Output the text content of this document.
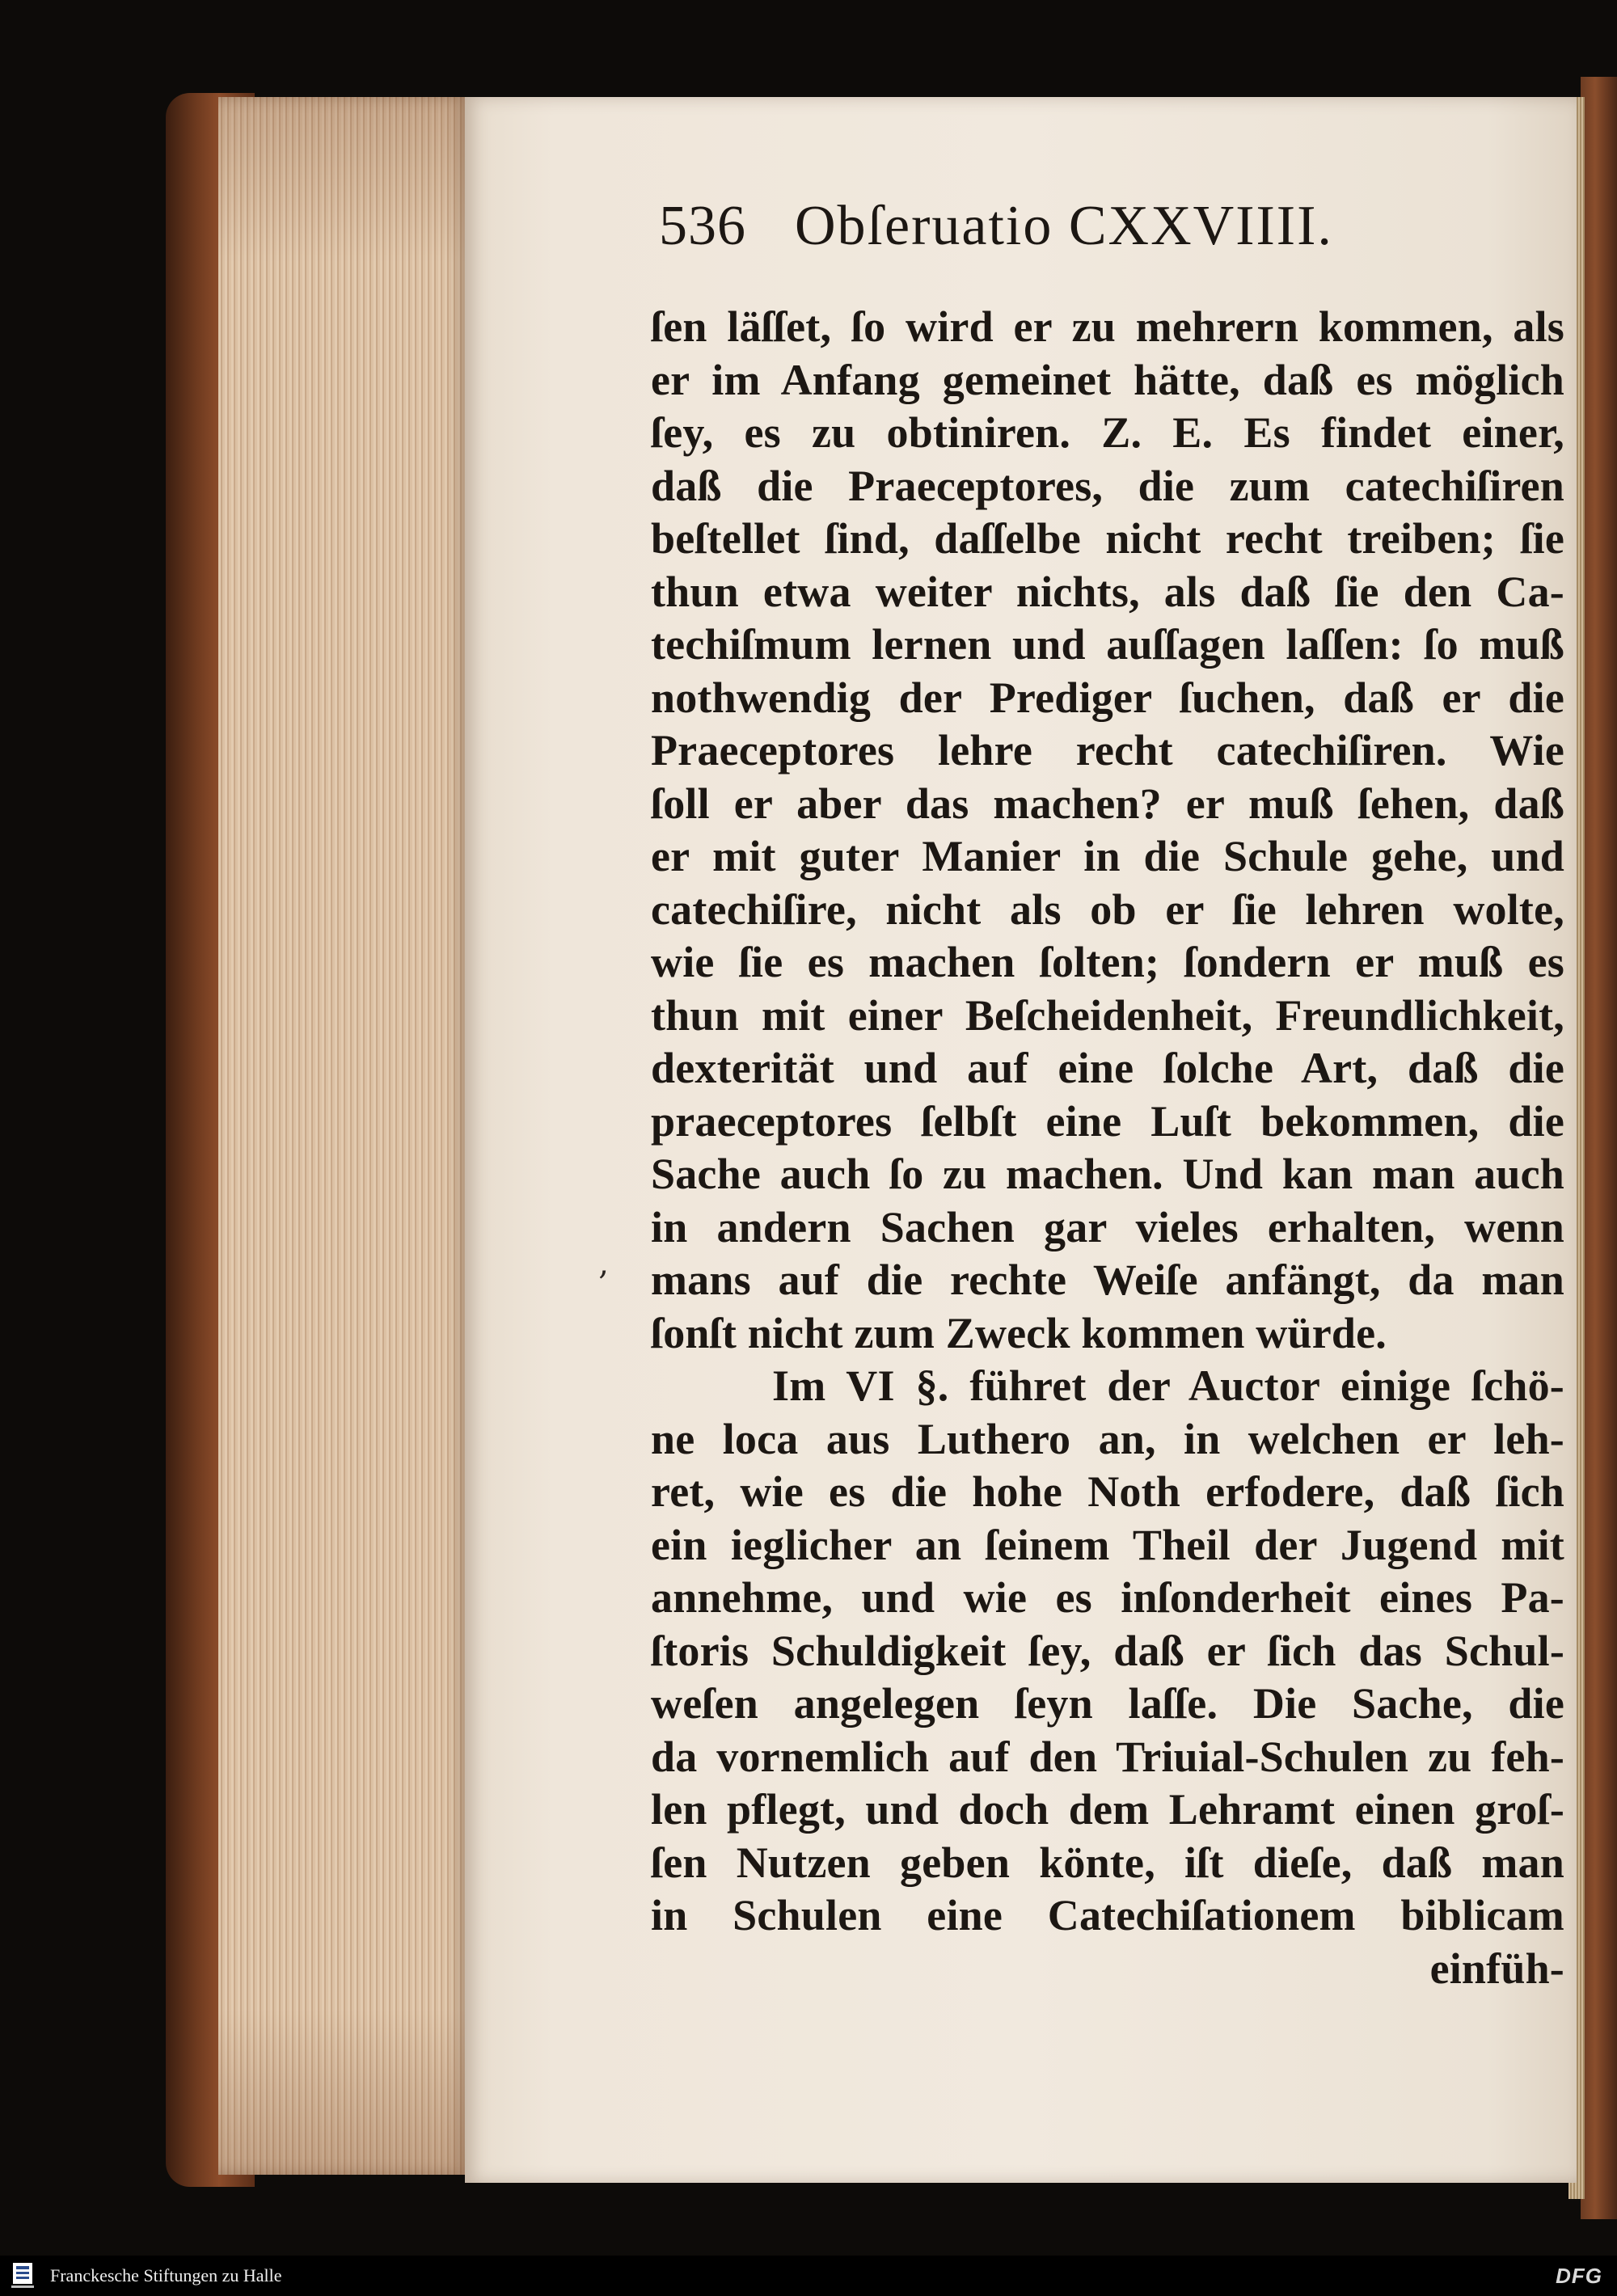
536 Obſeruatio CXXVIIII.
ſen läſſet, ſo wird er zu mehrern kommen, als
er im Anfang gemeinet hätte, daß es möglich
ſey, es zu obtiniren. Z. E. Es findet einer,
daß die Praeceptores, die zum catechiſiren
beſtellet ſind, daſſelbe nicht recht treiben; ſie
thun etwa weiter nichts, als daß ſie den Ca-
techiſmum lernen und auſſagen laſſen: ſo muß
nothwendig der Prediger ſuchen, daß er die
Praeceptores lehre recht catechiſiren. Wie
ſoll er aber das machen? er muß ſehen, daß
er mit guter Manier in die Schule gehe, und
catechiſire, nicht als ob er ſie lehren wolte,
wie ſie es machen ſolten; ſondern er muß es
thun mit einer Beſcheidenheit, Freundlichkeit,
dexterität und auf eine ſolche Art, daß die
praeceptores ſelbſt eine Luſt bekommen, die
Sache auch ſo zu machen. Und kan man auch
in andern Sachen gar vieles erhalten, wenn
mans auf die rechte Weiſe anfängt, da man
ſonſt nicht zum Zweck kommen würde.
Im VI §. führet der Auctor einige ſchö-
ne loca aus Luthero an, in welchen er leh-
ret, wie es die hohe Noth erfodere, daß ſich
ein ieglicher an ſeinem Theil der Jugend mit
annehme, und wie es inſonderheit eines Pa-
ſtoris Schuldigkeit ſey, daß er ſich das Schul-
weſen angelegen ſeyn laſſe. Die Sache, die
da vornemlich auf den Triuial-Schulen zu feh-
len pflegt, und doch dem Lehramt einen groſ-
ſen Nutzen geben könte, iſt dieſe, daß man
in Schulen eine Catechiſationem biblicam
einfüh-
‚
Franckesche Stiftungen zu Halle	DFG
